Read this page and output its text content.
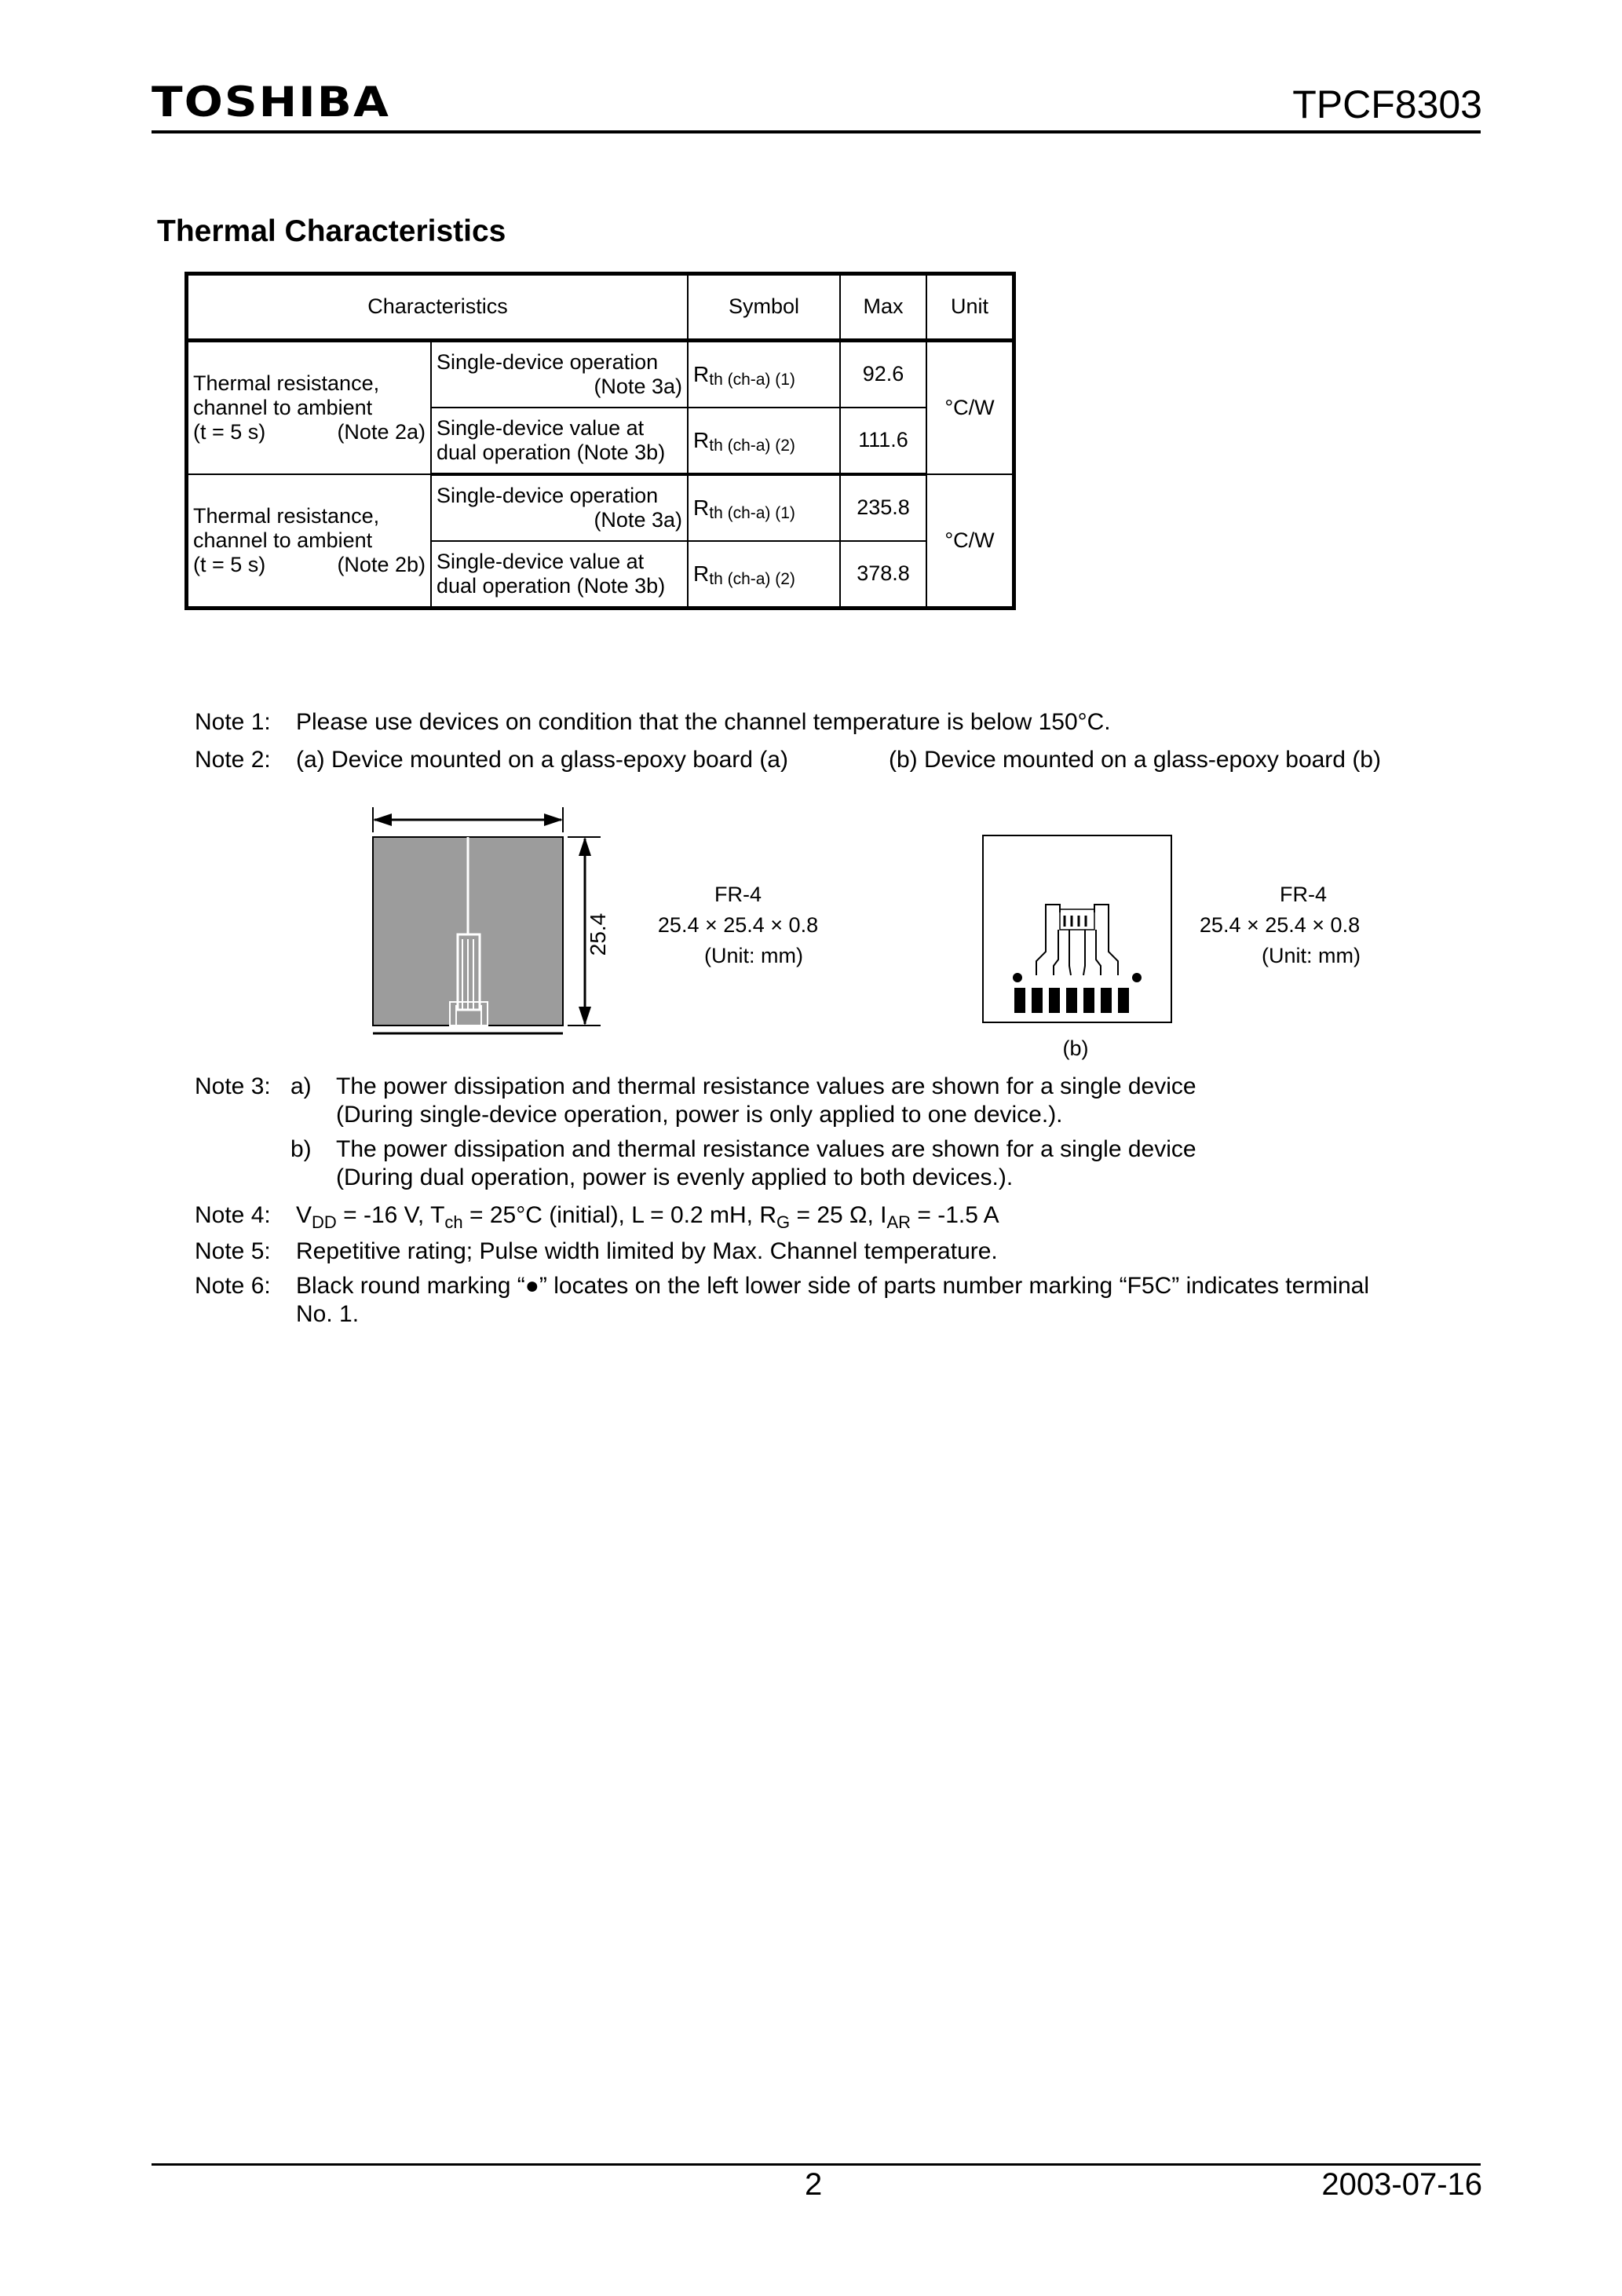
TOSHIBA	TPCF8303
Thermal Characteristics
Characteristics		Symbol	Max	Unit

Thermal resistance,
channel to ambient
(t = 5 s) (Note 2a)	Single-device operation
(Note 3a)	Rth (ch-a) (1)	92.6	°C/W

	Single-device value at
dual operation (Note 3b)	Rth (ch-a) (2)	111.6	

Thermal resistance,
channel to ambient
(t = 5 s) (Note 2b)	Single-device operation
(Note 3a)	Rth (ch-a) (1)	235.8	°C/W

	Single-device value at
dual operation (Note 3b)	Rth (ch-a) (2)	378.8	
Note 1: Please use devices on condition that the channel temperature is below 150°C.
Note 2: (a) Device mounted on a glass-epoxy board (a)	(b) Device mounted on a glass-epoxy board (b)
25.4
FR-4
25.4 × 25.4 × 0.8
(Unit: mm)
(b)
FR-4
25.4 × 25.4 × 0.8
(Unit: mm)
Note 3: a) The power dissipation and thermal resistance values are shown for a single device
(During single-device operation, power is only applied to one device.).
b) The power dissipation and thermal resistance values are shown for a single device
(During dual operation, power is evenly applied to both devices.).
Note 4: $V_{DD} = -16$ V, $T_{ch} = 25^\circ C$ (initial), L = 0.2 mH, $R_G = 25$ Ω, $I_{AR} = -1.5$ A
Note 5: Repetitive rating; Pulse width limited by Max. Channel temperature.
Note 6: Black round marking “●” locates on the left lower side of parts number marking “F5C” indicates terminal
No. 1.
2	2003-07-16
